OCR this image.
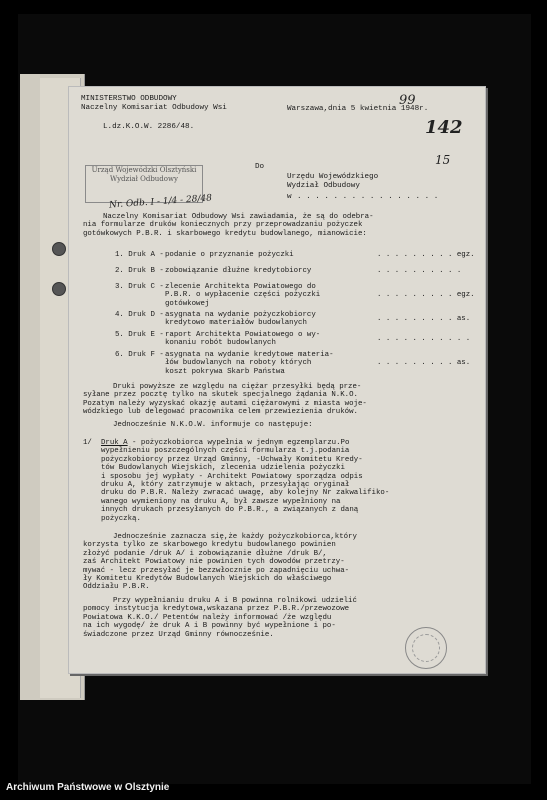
MINISTERSTWO ODBUDOWY
Naczelny Komisariat Odbudowy Wsi
L.dz.K.O.W. 2286/48.
Warszawa,dnia 5 kwietnia 1948r.
99
142
15
Urząd Wojewódzki Olsztyński
Wydział Odbudowy
Nr. Odb. I - 1/4 - 28/48
Do
Urzędu Wojewódzkiego
Wydział Odbudowy
w . . . . . . . . . . . . . . . .
Naczelny Komisariat Odbudowy Wsi zawiadamia, że są do odebra-
nia formularze druków koniecznych przy przeprowadzaniu pożyczek
gotówkowych P.B.R. i skarbowego kredytu budowlanego, mianowicie:
1. Druk A - podanie o przyznanie pożyczki	. . . . . . . . . egz.
2. Druk B - zobowiązanie dłużne kredytobiorcy	. . . . . . . . . .
3. Druk C - zlecenie Architekta Powiatowego do
P.B.R. o wypłacenie części pożyczki
gotówkowej
. . . . . . . . . egz.
4. Druk D - asygnata na wydanie pożyczkobiorcy
kredytowo materiałów budowlanych
. . . . . . . . . as.
5. Druk E - raport Architekta Powiatowego o wy-
konaniu robót budowlanych
. . . . . . . . . . .
6. Druk F - asygnata na wydanie kredytowe materia-
łów budowlanych na roboty których
koszt pokrywa Skarb Państwa
. . . . . . . . . as.
Druki powyższe ze względu na ciężar przesyłki będą prze-
syłane przez pocztę tylko na skutek specjalnego żądania N.K.O.
Pozatym należy wyzyskać okazję autami ciężarowymi z miasta woje-
wódzkiego lub delegować pracownika celem przewiezienia druków.
Jednocześnie N.K.O.W. informuje co następuje:
1/	Druk A - pożyczkobiorca wypełnia w jednym egzemplarzu.Po
wypełnieniu poszczególnych części formularza t.j.podania
pożyczkobiorcy przez Urząd Gminny, -Uchwały Komitetu Kredy-
tów Budowlanych Wiejskich, zlecenia udzielenia pożyczki
i sposobu jej wypłaty - Architekt Powiatowy sporządza odpis
druku A, który zatrzymuje w aktach, przesyłając oryginał
druku do P.B.R. Należy zwracać uwagę, aby kolejny Nr zakwalifiko-
wanego wymieniony na druku A, był zawsze wypełniony na
innych drukach przesyłanych do P.B.R., a związanych z daną
pożyczką.
Jednocześnie zaznacza się,że każdy pożyczkobiorca,który
korzysta tylko ze skarbowego kredytu budowlanego powinien
złożyć podanie /druk A/ i zobowiązanie dłużne /druk B/,
zaś Architekt Powiatowy nie powinien tych dowodów przetrzy-
mywać - lecz przesyłać je bezzwłocznie po zapadnięciu uchwa-
ły Komitetu Kredytów Budowlanych Wiejskich do właściwego
Oddziału P.B.R.
Przy wypełnianiu druku A i B powinna rolnikowi udzielić
pomocy instytucja kredytowa,wskazana przez P.B.R./przewozowe
Powiatowa K.K.O./ Petentów należy informować /że względu
na ich wygodę/ że druk A i B powinny być wypełnione i po-
świadczone przez Urząd Gminny równocześnie.
Archiwum Państwowe w Olsztynie
